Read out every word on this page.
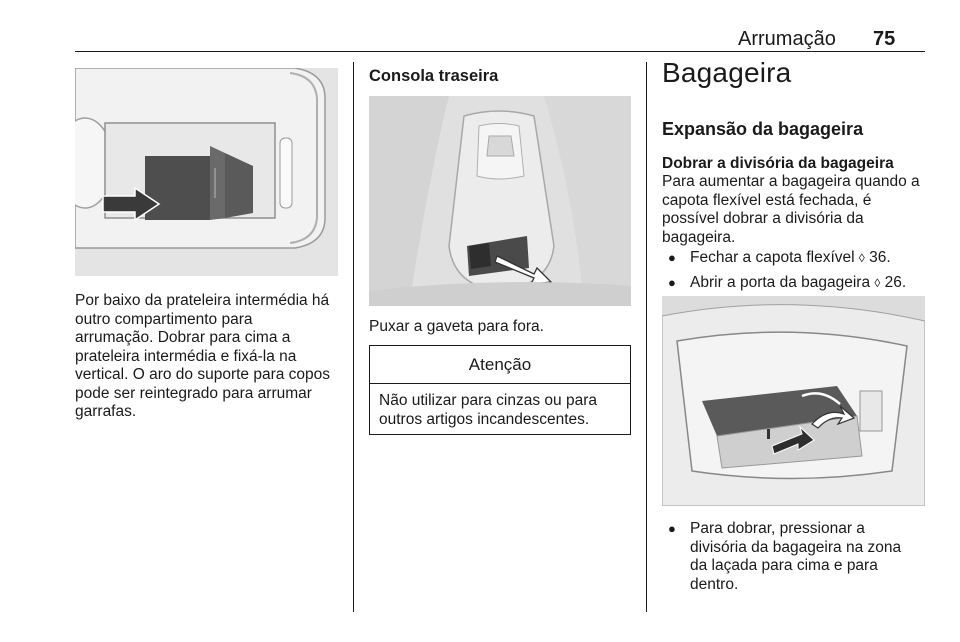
Arrumação 75

Por baixo da prateleira intermédia há

outro compartimento para

arrumação. Dobrar para cima a

prateleira intermédia e fixá-la na

vertical. O aro do suporte para copos

pode ser reintegrado para arrumar

garrafas.

Consola traseira
Puxar a gaveta para fora.
Atenção
Não utilizar para cinzas ou para
outros artigos incandescentes.
Bagageira
Expansão da bagageira
Dobrar a divisória da bagageira

Para aumentar a bagageira quando a

capota flexível está fechada, é

possível dobrar a divisória da

bagageira.

● Fechar a capota flexível ◊ 36.
● Abrir a porta da bagageira ◊ 26.
● Para dobrar, pressionar a
divisória da bagageira na zona
da laçada para cima e para
dentro.
